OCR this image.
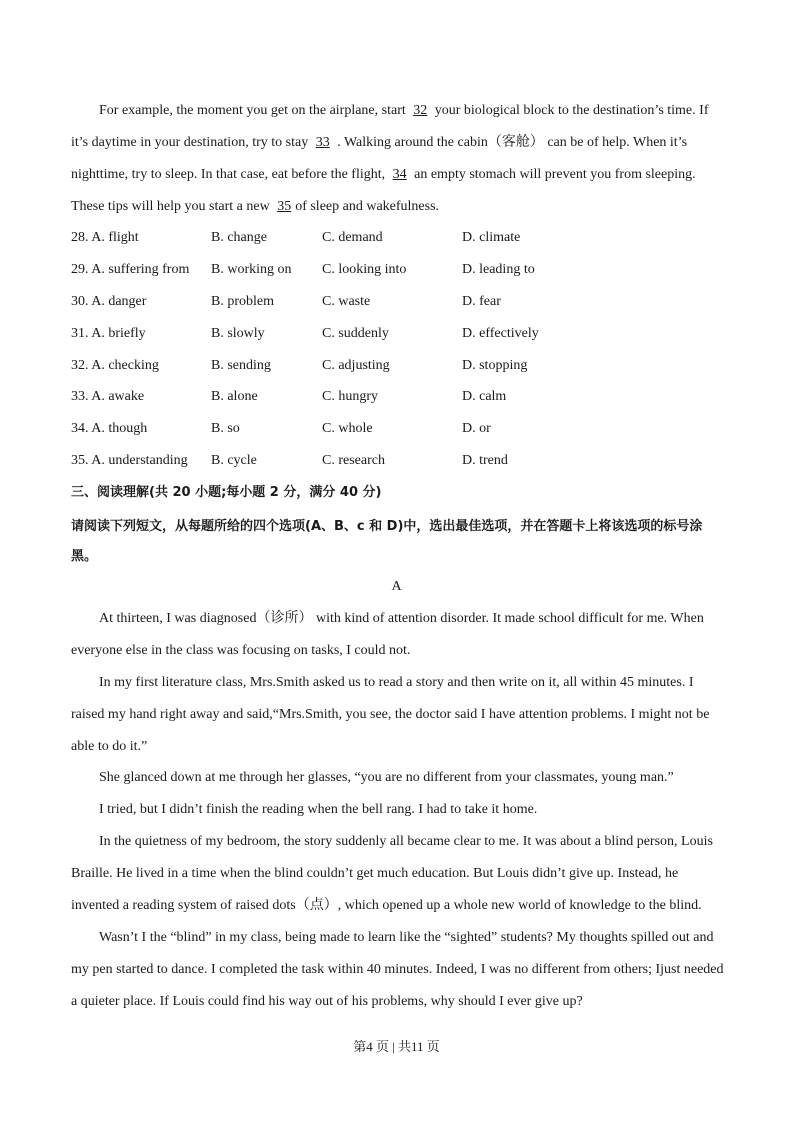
For example, the moment you get on the airplane, start 32 your biological block to the destination’s time. If it’s daytime in your destination, try to stay 33 . Walking around the cabin（客舱） can be of help. When it’s nighttime, try to sleep. In that case, eat before the flight, 34 an empty stomach will prevent you from sleeping. These tips will help you start a new 35 of sleep and wakefulness.

28. A. flight	B. change	C. demand	D. climate
29. A. suffering from	B. working on	C. looking into	D. leading to
30. A. danger	B. problem	C. waste	D. fear
31. A. briefly	B. slowly	C. suddenly	D. effectively
32. A. checking	B. sending	C. adjusting	D. stopping
33. A. awake	B. alone	C. hungry	D. calm
34. A. though	B. so	C. whole	D. or
35. A. understanding	B. cycle	C. research	D. trend
三、阅读理解(共 20 小题;每小题 2 分，满分 40 分)
请阅读下列短文，从每题所给的四个选项(A、B、c 和 D)中，选出最佳选项，并在答题卡上将该选项的标号涂黑。
A

At thirteen, I was diagnosed（诊所） with kind of attention disorder. It made school difficult for me. When everyone else in the class was focusing on tasks, I could not.

In my first literature class, Mrs.Smith asked us to read a story and then write on it, all within 45 minutes. I raised my hand right away and said,“Mrs.Smith, you see, the doctor said I have attention problems. I might not be able to do it.”

She glanced down at me through her glasses, “you are no different from your classmates, young man.”

I tried, but I didn’t finish the reading when the bell rang. I had to take it home.

In the quietness of my bedroom, the story suddenly all became clear to me. It was about a blind person, Louis Braille. He lived in a time when the blind couldn’t get much education. But Louis didn’t give up. Instead, he invented a reading system of raised dots（点）, which opened up a whole new world of knowledge to the blind.

Wasn’t I the “blind” in my class, being made to learn like the “sighted” students? My thoughts spilled out and my pen started to dance. I completed the task within 40 minutes. Indeed, I was no different from others; Ijust needed a quieter place. If Louis could find his way out of his problems, why should I ever give up?

第4 页 | 共11 页
